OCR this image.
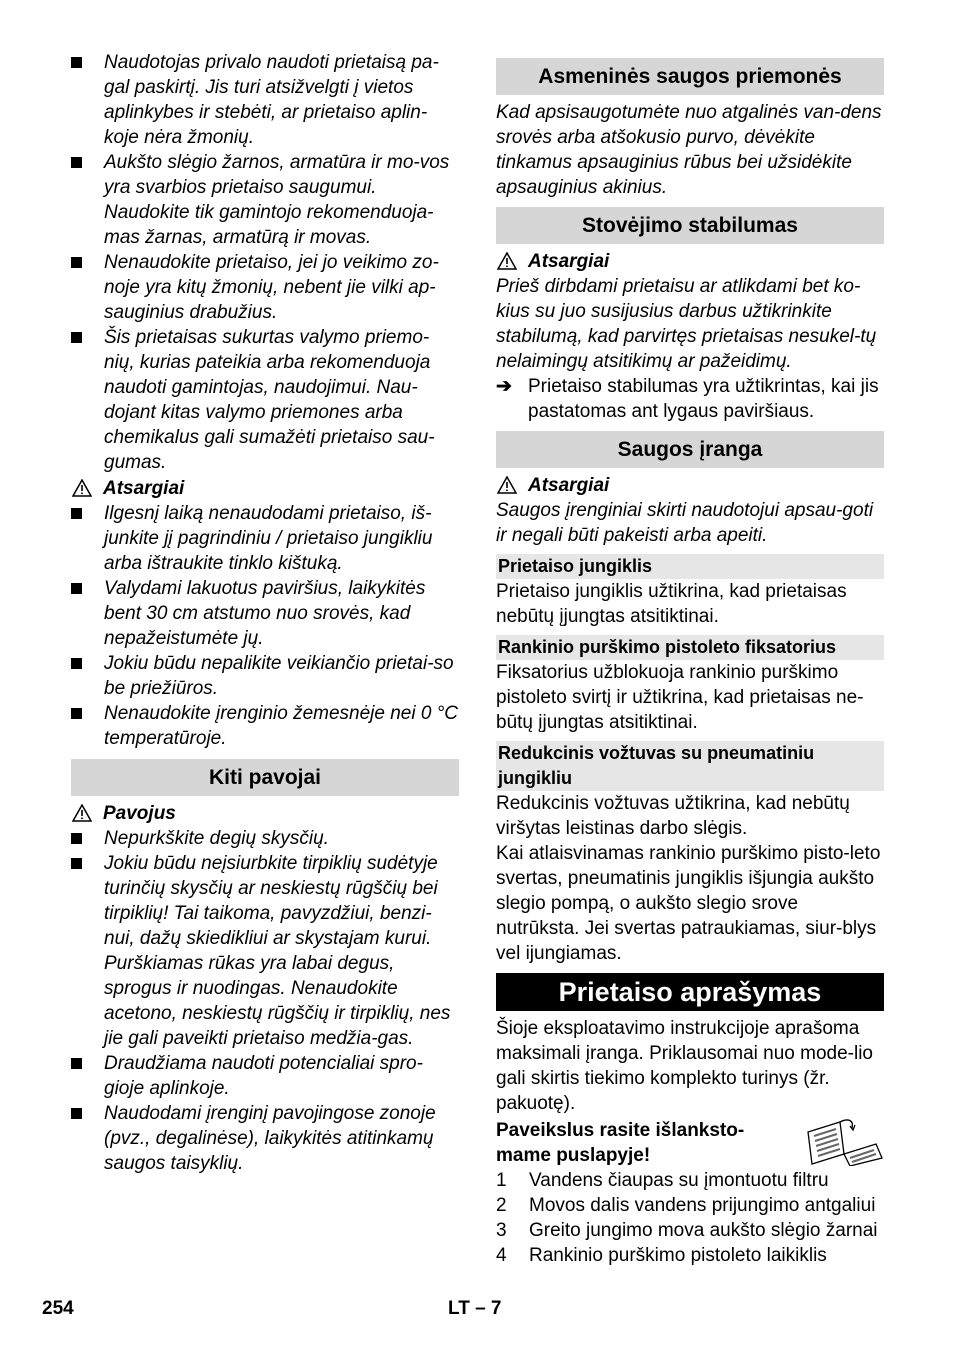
Naudotojas privalo naudoti prietaisą pa-gal paskirtį. Jis turi atsižvelgti į vietos aplinkybes ir stebėti, ar prietaiso aplin-koje nėra žmonių.
Aukšto slėgio žarnos, armatūra ir mo-vos yra svarbios prietaiso saugumui. Naudokite tik gamintojo rekomenduoja-mas žarnas, armatūrą ir movas.
Nenaudokite prietaiso, jei jo veikimo zo-noje yra kitų žmonių, nebent jie vilki ap-sauginius drabužius.
Šis prietaisas sukurtas valymo priemo-nių, kurias pateikia arba rekomenduoja naudoti gamintojas, naudojimui. Nau-dojant kitas valymo priemones arba chemikalus gali sumažėti prietaiso sau-gumas.
Atsargiai
Ilgesnį laiką nenaudodami prietaiso, iš-junkite jį pagrindiniu / prietaiso jungikliu arba ištraukite tinklo kištuką.
Valydami lakuotus paviršius, laikykitės bent 30 cm atstumo nuo srovės, kad nepažeistumėte jų.
Jokiu būdu nepalikite veikiančio prietai-so be priežiūros.
Nenaudokite įrenginio žemesnėje nei 0 °C temperatūroje.
Kiti pavojai
Pavojus
Nepurkškite degių skysčių.
Jokiu būdu neįsiurbkite tirpiklių sudėtyje turinčių skysčių ar neskiestų rūgščių bei tirpiklių! Tai taikoma, pavyzdžiui, benzi-nui, dažų skiedikliui ar skystajam kurui. Purškiamas rūkas yra labai degus, sprogus ir nuodingas. Nenaudokite acetono, neskiestų rūgščių ir tirpiklių, nes jie gali paveikti prietaiso medžia-gas.
Draudžiama naudoti potencialiai spro-gioje aplinkoje.
Naudodami įrenginį pavojingose zonoje (pvz., degalinėse), laikykitės atitinkamų saugos taisyklių.
Asmeninės saugos priemonės
Kad apsisaugotumėte nuo atgalinės van-dens srovės arba atšokusio purvo, dėvėkite tinkamus apsauginius rūbus bei užsidėkite apsauginius akinius.
Stovėjimo stabilumas
Atsargiai
Prieš dirbdami prietaisu ar atlikdami bet ko-kius su juo susijusius darbus užtikrinkite stabilumą, kad parvirtęs prietaisas nesukel-tų nelaimingų atsitikimų ar pažeidimų.
➔ Prietaiso stabilumas yra užtikrintas, kai jis pastatomas ant lygaus paviršiaus.
Saugos įranga
Atsargiai
Saugos įrenginiai skirti naudotojui apsau-goti ir negali būti pakeisti arba apeiti.
Prietaiso jungiklis
Prietaiso jungiklis užtikrina, kad prietaisas nebūtų įjungtas atsitiktinai.
Rankinio purškimo pistoleto fiksatorius
Fiksatorius užblokuoja rankinio purškimo pistoleto svirtį ir užtikrina, kad prietaisas ne-būtų įjungtas atsitiktinai.
Redukcinis vožtuvas su pneumatiniu jungikliu
Redukcinis vožtuvas užtikrina, kad nebūtų viršytas leistinas darbo slėgis.
Kai atlaisvinamas rankinio purškimo pisto-leto svertas, pneumatinis jungiklis išjungia aukšto slegio pompą, o aukšto slegio srove nutrūksta. Jei svertas patraukiamas, siur-blys vel ijungiamas.
Prietaiso aprašymas
Šioje eksploatavimo instrukcijoje aprašoma maksimali įranga. Priklausomai nuo mode-lio gali skirtis tiekimo komplekto turinys (žr. pakuotę).
Paveikslus rasite išlanksto-mame puslapyje!
1 Vandens čiaupas su įmontuotu filtru
2 Movos dalis vandens prijungimo antgaliui
3 Greito jungimo mova aukšto slėgio žarnai
4 Rankinio purškimo pistoleto laikiklis
254	LT – 7
